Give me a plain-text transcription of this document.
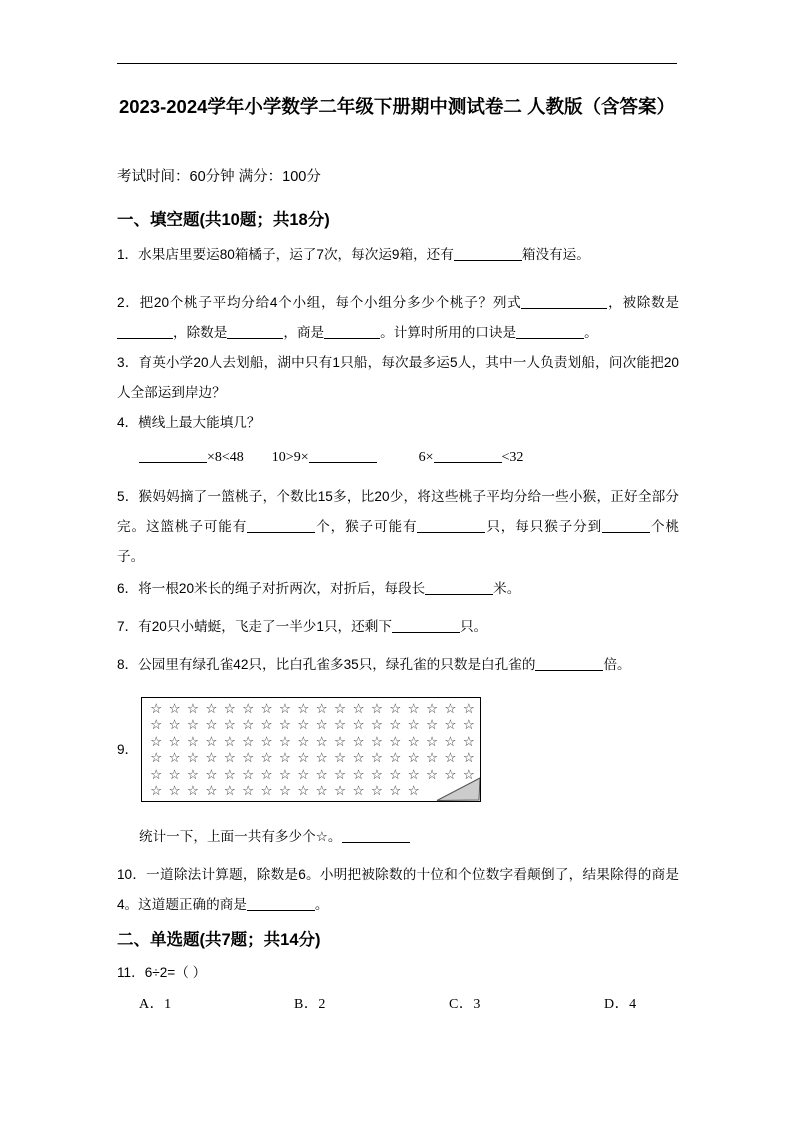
2023-2024学年小学数学二年级下册期中测试卷二 人教版（含答案）
考试时间：60分钟 满分：100分
一、填空题(共10题；共18分)
1．水果店里要运80箱橘子，运了7次，每次运9箱，还有	箱没有运。
2．把20个桃子平均分给4个小组，每个小组分多少个桃子？列式	，被除数是，除数是	，商是	。计算时所用的口诀是	。
3．育英小学20人去划船，湖中只有1只船，每次最多运5人，其中一人负责划船，问次能把20人全部运到岸边？
4．横线上最大能填几？
×8<48 10>9×	6×	<32
5．猴妈妈摘了一篮桃子，个数比15多，比20少，将这些桃子平均分给一些小猴，正好全部分完。这篮桃子可能有	个，猴子可能有	只，每只猴子分到	个桃子。
6．将一根20米长的绳子对折两次，对折后，每段长	米。
7．有20只小蜻蜓，飞走了一半少1只，还剩下	只。
8．公园里有绿孔雀42只，比白孔雀多35只，绿孔雀的只数是白孔雀的	倍。
9．
☆ ☆ ☆ ☆ ☆ ☆ ☆ ☆ ☆ ☆ ☆ ☆ ☆ ☆ ☆ ☆ ☆ ☆
☆ ☆ ☆ ☆ ☆ ☆ ☆ ☆ ☆ ☆ ☆ ☆ ☆ ☆ ☆ ☆ ☆ ☆
☆ ☆ ☆ ☆ ☆ ☆ ☆ ☆ ☆ ☆ ☆ ☆ ☆ ☆ ☆ ☆ ☆ ☆
☆ ☆ ☆ ☆ ☆ ☆ ☆ ☆ ☆ ☆ ☆ ☆ ☆ ☆ ☆ ☆ ☆ ☆
☆ ☆ ☆ ☆ ☆ ☆ ☆ ☆ ☆ ☆ ☆ ☆ ☆ ☆ ☆ ☆ ☆ ☆
☆ ☆ ☆ ☆ ☆ ☆ ☆ ☆ ☆ ☆ ☆ ☆ ☆ ☆ ☆
统计一下，上面一共有多少个☆。
10．一道除法计算题，除数是6。小明把被除数的十位和个位数字看颠倒了，结果除得的商是4。这道题正确的商是	。
二、单选题(共7题；共14分)
11．6÷2=（ ）
A．1	B．2	C．3	D．4
